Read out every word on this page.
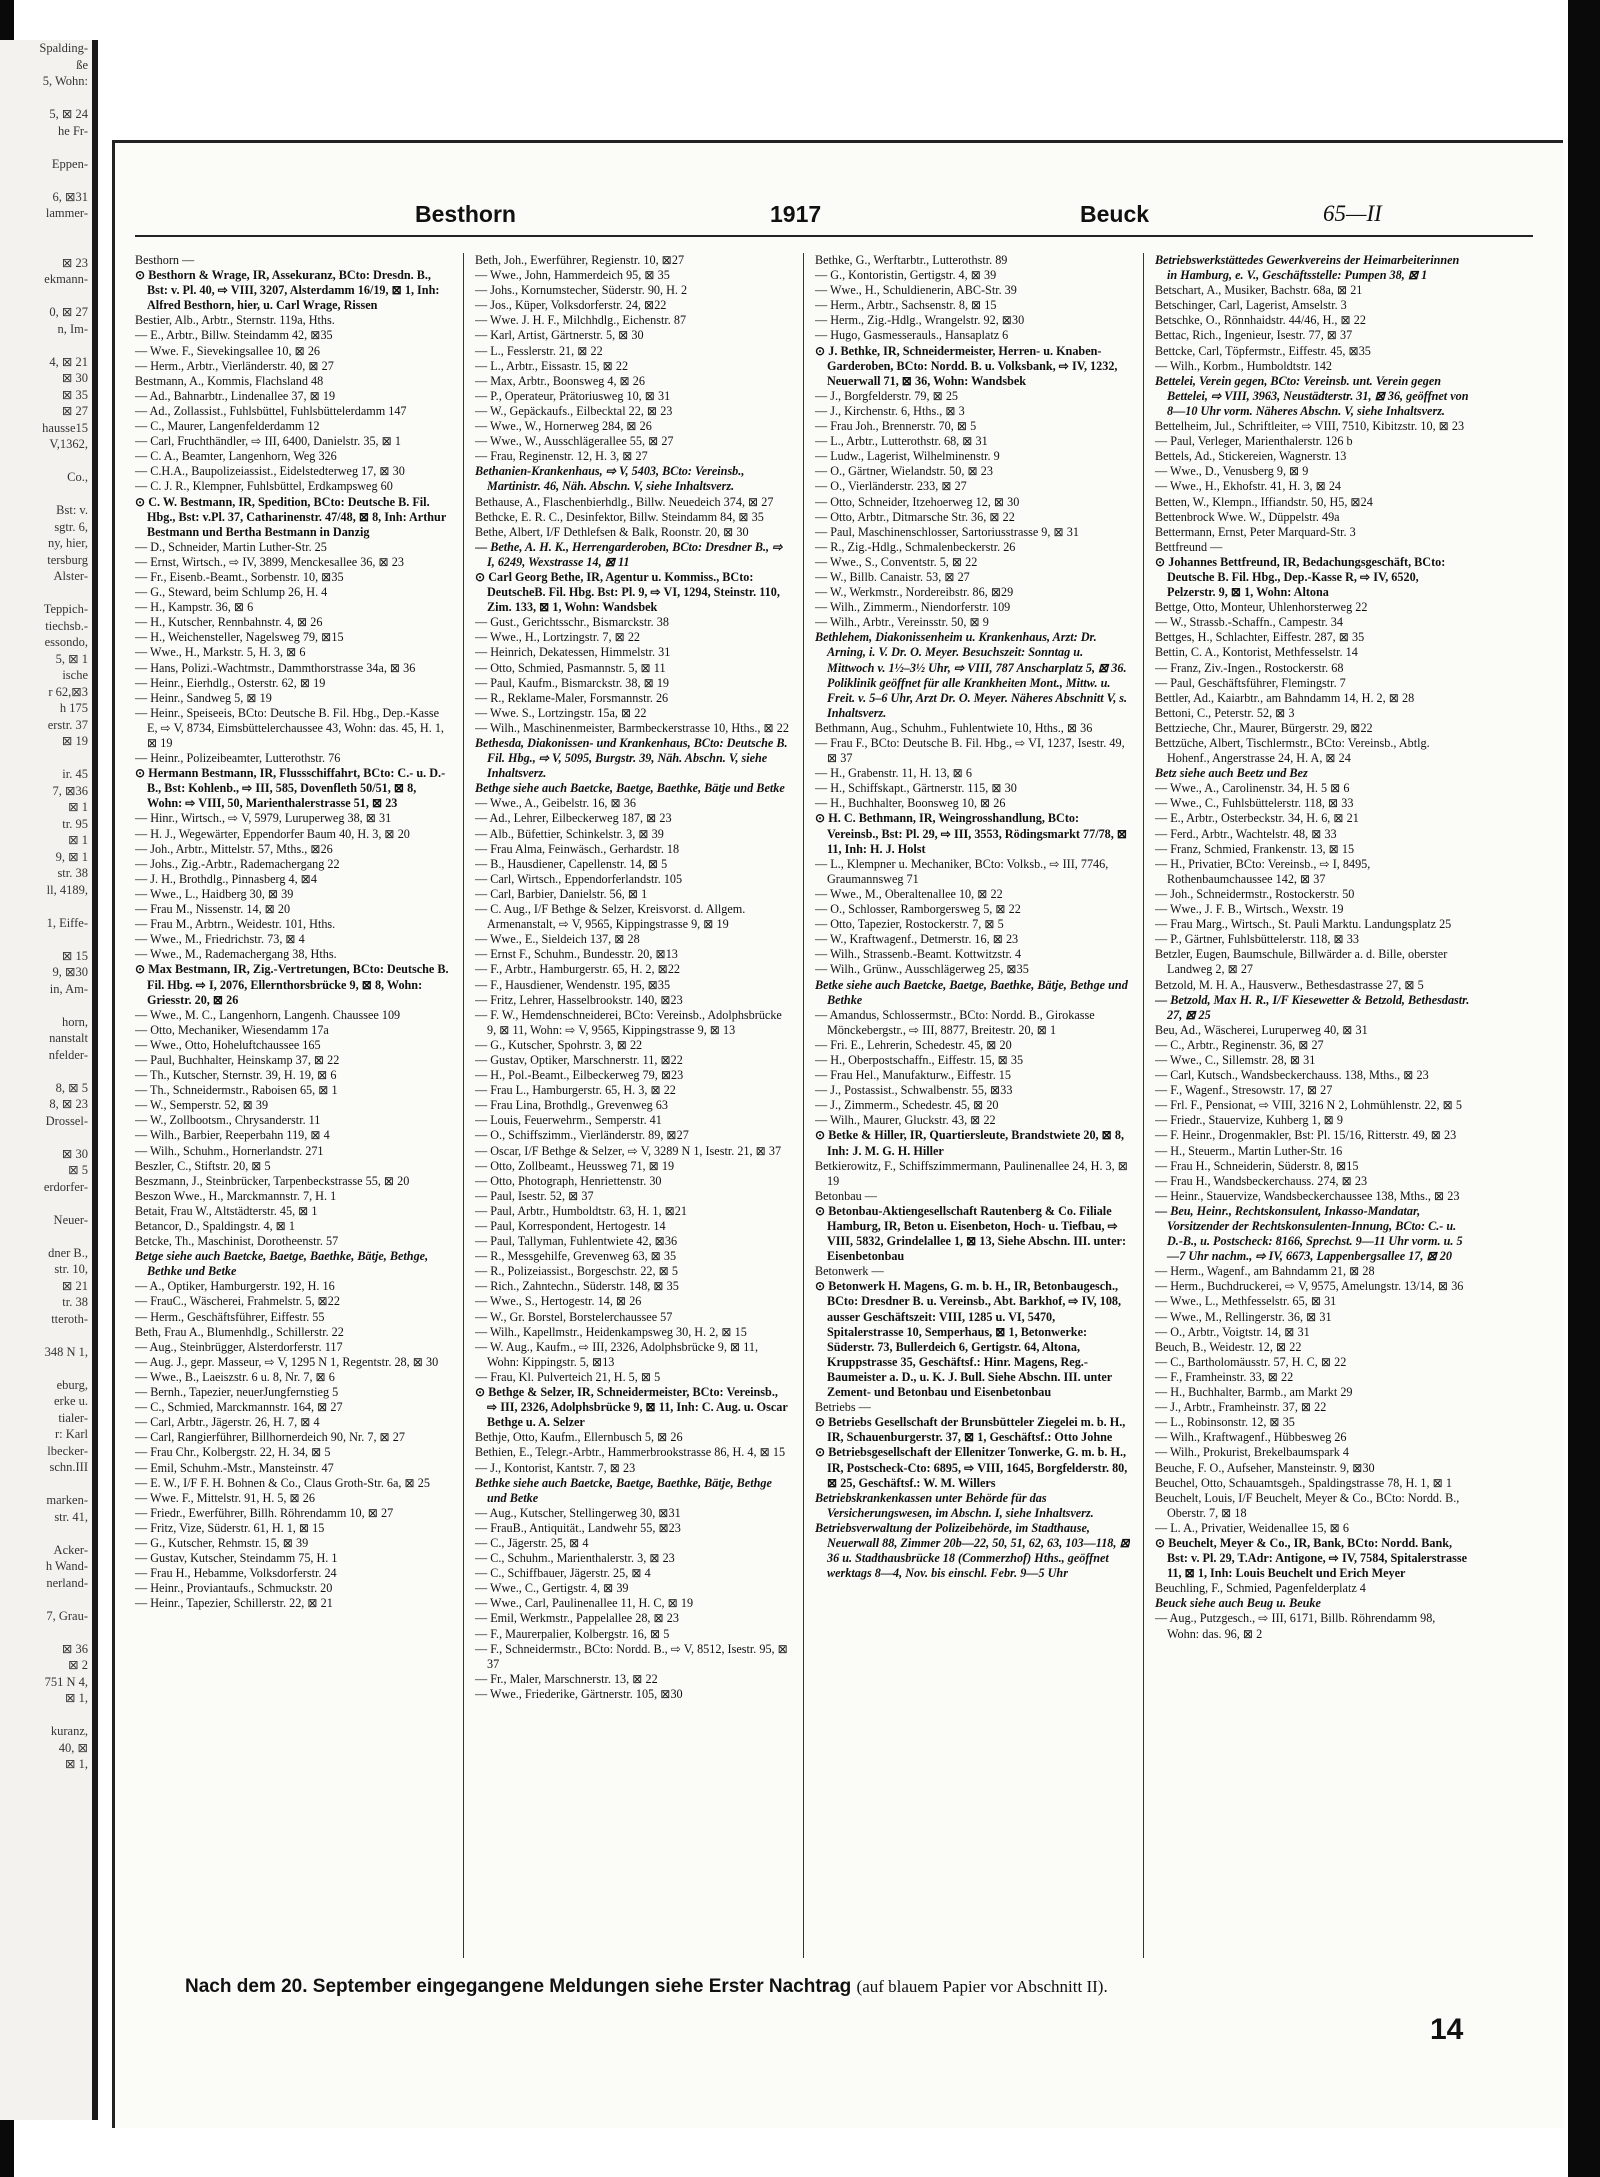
Spalding-
ße
5, Wohn:

5, ⊠ 24
he Fr-

Eppen-

6, ⊠31
lammer-

⊠ 23
ekmann-

0, ⊠ 27
n, Im-

4, ⊠ 21
⊠ 30
⊠ 35
⊠ 27
hausse15
V,1362,

Co.,

Bst: v.
sgtr. 6,
ny, hier,
tersburg
Alster-

Teppich-
tiechsb.-
essondo,
5, ⊠ 1
ische
r 62,⊠3
h 175
erstr. 37
⊠ 19

ir. 45
7, ⊠36
⊠ 1
tr. 95
⊠ 1
9, ⊠ 1
str. 38
ll, 4189,

1, Eiffe-

⊠ 15
9, ⊠30
in, Am-

horn,
nanstalt
nfelder-

8, ⊠ 5
8, ⊠ 23
Drossel-

⊠ 30
⊠ 5
erdorfer-

Neuer-

dner B.,
str. 10,
⊠ 21
tr. 38
tteroth-

348 N 1,

eburg,
erke u.
tialer-
r: Karl
lbecker-
schn.III

marken-
str. 41,

Acker-
h Wand-
nerland-

7, Grau-

⊠ 36
⊠ 2
751 N 4,
⊠ 1,

kuranz,
40, ⊠
⊠ 1,
Besthorn	1917	Beuck	65—II

Besthorn —

⊙ Besthorn & Wrage, IR, Assekuranz, BCto: Dresdn. B., Bst: v. Pl. 40, ⇨ VIII, 3207, Alsterdamm 16/19, ⊠ 1, Inh: Alfred Besthorn, hier, u. Carl Wrage, Rissen

Bestier, Alb., Arbtr., Sternstr. 119a, Hths.

— E., Arbtr., Billw. Steindamm 42, ⊠35

— Wwe. F., Sievekingsallee 10, ⊠ 26

— Herm., Arbtr., Vierländerstr. 40, ⊠ 27

Bestmann, A., Kommis, Flachsland 48

— Ad., Bahnarbtr., Lindenallee 37, ⊠ 19

— Ad., Zollassist., Fuhlsbüttel, Fuhlsbüttelerdamm 147

— C., Maurer, Langenfelderdamm 12

— Carl, Fruchthändler, ⇨ III, 6400, Danielstr. 35, ⊠ 1

— C. A., Beamter, Langenhorn, Weg 326

— C.H.A., Baupolizeiassist., Eidelstedterweg 17, ⊠ 30

— C. J. R., Klempner, Fuhlsbüttel, Erdkampsweg 60

⊙ C. W. Bestmann, IR, Spedition, BCto: Deutsche B. Fil. Hbg., Bst: v.Pl. 37, Catharinenstr. 47/48, ⊠ 8, Inh: Arthur Bestmann und Bertha Bestmann in Danzig

— D., Schneider, Martin Luther-Str. 25

— Ernst, Wirtsch., ⇨ IV, 3899, Menckesallee 36, ⊠ 23

— Fr., Eisenb.-Beamt., Sorbenstr. 10, ⊠35

— G., Steward, beim Schlump 26, H. 4

— H., Kampstr. 36, ⊠ 6

— H., Kutscher, Rennbahnstr. 4, ⊠ 26

— H., Weichensteller, Nagelsweg 79, ⊠15

— Wwe., H., Markstr. 5, H. 3, ⊠ 6

— Hans, Polizi.-Wachtmstr., Dammthorstrasse 34a, ⊠ 36

— Heinr., Eierhdlg., Osterstr. 62, ⊠ 19

— Heinr., Sandweg 5, ⊠ 19

— Heinr., Speiseeis, BCto: Deutsche B. Fil. Hbg., Dep.-Kasse E, ⇨ V, 8734, Eimsbüttelerchaussee 43, Wohn: das. 45, H. 1, ⊠ 19

— Heinr., Polizeibeamter, Lutterothstr. 76

⊙ Hermann Bestmann, IR, Flussschiffahrt, BCto: C.- u. D.-B., Bst: Kohlenb., ⇨ III, 585, Dovenfleth 50/51, ⊠ 8, Wohn: ⇨ VIII, 50, Marienthalerstrasse 51, ⊠ 23

— Hinr., Wirtsch., ⇨ V, 5979, Luruperweg 38, ⊠ 31

— H. J., Wegewärter, Eppendorfer Baum 40, H. 3, ⊠ 20

— Joh., Arbtr., Mittelstr. 57, Mths., ⊠26

— Johs., Zig.-Arbtr., Rademachergang 22

— J. H., Brothdlg., Pinnasberg 4, ⊠4

— Wwe., L., Haidberg 30, ⊠ 39

— Frau M., Nissenstr. 14, ⊠ 20

— Frau M., Arbtrn., Weidestr. 101, Hths.

— Wwe., M., Friedrichstr. 73, ⊠ 4

— Wwe., M., Rademachergang 38, Hths.

⊙ Max Bestmann, IR, Zig.-Vertretungen, BCto: Deutsche B. Fil. Hbg. ⇨ I, 2076, Ellernthorsbrücke 9, ⊠ 8, Wohn: Griesstr. 20, ⊠ 26

— Wwe., M. C., Langenhorn, Langenh. Chaussee 109

— Otto, Mechaniker, Wiesendamm 17a

— Wwe., Otto, Hoheluftchaussee 165

— Paul, Buchhalter, Heinskamp 37, ⊠ 22

— Th., Kutscher, Sternstr. 39, H. 19, ⊠ 6

— Th., Schneidermstr., Raboisen 65, ⊠ 1

— W., Semperstr. 52, ⊠ 39

— W., Zollbootsm., Chrysanderstr. 11

— Wilh., Barbier, Reeperbahn 119, ⊠ 4

— Wilh., Schuhm., Hornerlandstr. 271

Beszler, C., Stiftstr. 20, ⊠ 5

Beszmann, J., Steinbrücker, Tarpenbeckstrasse 55, ⊠ 20

Beszon Wwe., H., Marckmannstr. 7, H. 1

Betait, Frau W., Altstädterstr. 45, ⊠ 1

Betancor, D., Spaldingstr. 4, ⊠ 1

Betcke, Th., Maschinist, Dorotheenstr. 57

Betge siehe auch Baetcke, Baetge, Baethke, Bätje, Bethge, Bethke und Betke

— A., Optiker, Hamburgerstr. 192, H. 16

— FrauC., Wäscherei, Frahmelstr. 5, ⊠22

— Herm., Geschäftsführer, Eiffestr. 55

Beth, Frau A., Blumenhdlg., Schillerstr. 22

— Aug., Steinbrügger, Alsterdorferstr. 117

— Aug. J., gepr. Masseur, ⇨ V, 1295 N 1, Regentstr. 28, ⊠ 30

— Wwe., B., Laeiszstr. 6 u. 8, Nr. 7, ⊠ 6

— Bernh., Tapezier, neuerJungfernstieg 5

— C., Schmied, Marckmannstr. 164, ⊠ 27

— Carl, Arbtr., Jägerstr. 26, H. 7, ⊠ 4

— Carl, Rangierführer, Billhornerdeich 90, Nr. 7, ⊠ 27

— Frau Chr., Kolbergstr. 22, H. 34, ⊠ 5

— Emil, Schuhm.-Mstr., Mansteinstr. 47

— E. W., I/F F. H. Bohnen & Co., Claus Groth-Str. 6a, ⊠ 25

— Wwe. F., Mittelstr. 91, H. 5, ⊠ 26

— Friedr., Ewerführer, Billh. Röhrendamm 10, ⊠ 27

— Fritz, Vize, Süderstr. 61, H. 1, ⊠ 15

— G., Kutscher, Rehmstr. 15, ⊠ 39

— Gustav, Kutscher, Steindamm 75, H. 1

— Frau H., Hebamme, Volksdorferstr. 24

— Heinr., Proviantaufs., Schmuckstr. 20

— Heinr., Tapezier, Schillerstr. 22, ⊠ 21

Beth, Joh., Ewerführer, Regienstr. 10, ⊠27

— Wwe., John, Hammerdeich 95, ⊠ 35

— Johs., Kornumstecher, Süderstr. 90, H. 2

— Jos., Küper, Volksdorferstr. 24, ⊠22

— Wwe. J. H. F., Milchhdlg., Eichenstr. 87

— Karl, Artist, Gärtnerstr. 5, ⊠ 30

— L., Fesslerstr. 21, ⊠ 22

— L., Arbtr., Eissastr. 15, ⊠ 22

— Max, Arbtr., Boonsweg 4, ⊠ 26

— P., Operateur, Prätoriusweg 10, ⊠ 31

— W., Gepäckaufs., Eilbecktal 22, ⊠ 23

— Wwe., W., Hornerweg 284, ⊠ 26

— Wwe., W., Ausschlägerallee 55, ⊠ 27

— Frau, Reginenstr. 12, H. 3, ⊠ 27

Bethanien-Krankenhaus, ⇨ V, 5403, BCto: Vereinsb., Martinistr. 46, Näh. Abschn. V, siehe Inhaltsverz.

Bethause, A., Flaschenbierhdlg., Billw. Neuedeich 374, ⊠ 27

Bethcke, E. R. C., Desinfektor, Billw. Steindamm 84, ⊠ 35

Bethe, Albert, I/F Dethlefsen & Balk, Roonstr. 20, ⊠ 30

— Bethe, A. H. K., Herrengarderoben, BCto: Dresdner B., ⇨ I, 6249, Wexstrasse 14, ⊠ 11

⊙ Carl Georg Bethe, IR, Agentur u. Kommiss., BCto: DeutscheB. Fil. Hbg. Bst: Pl. 9, ⇨ VI, 1294, Steinstr. 110, Zim. 133, ⊠ 1, Wohn: Wandsbek

— Gust., Gerichtsschr., Bismarckstr. 38

— Wwe., H., Lortzingstr. 7, ⊠ 22

— Heinrich, Dekatessen, Himmelstr. 31

— Otto, Schmied, Pasmannstr. 5, ⊠ 11

— Paul, Kaufm., Bismarckstr. 38, ⊠ 19

— R., Reklame-Maler, Forsmannstr. 26

— Wwe. S., Lortzingstr. 15a, ⊠ 22

— Wilh., Maschinenmeister, Barmbeckerstrasse 10, Hths., ⊠ 22

Bethesda, Diakonissen- und Krankenhaus, BCto: Deutsche B. Fil. Hbg., ⇨ V, 5095, Burgstr. 39, Näh. Abschn. V, siehe Inhaltsverz.

Bethge siehe auch Baetcke, Baetge, Baethke, Bätje und Betke

— Wwe., A., Geibelstr. 16, ⊠ 36

— Ad., Lehrer, Eilbeckerweg 187, ⊠ 23

— Alb., Büfettier, Schinkelstr. 3, ⊠ 39

— Frau Alma, Feinwäsch., Gerhardstr. 18

— B., Hausdiener, Capellenstr. 14, ⊠ 5

— Carl, Wirtsch., Eppendorferlandstr. 105

— Carl, Barbier, Danielstr. 56, ⊠ 1

— C. Aug., I/F Bethge & Selzer, Kreisvorst. d. Allgem. Armenanstalt, ⇨ V, 9565, Kippingstrasse 9, ⊠ 19

— Wwe., E., Sieldeich 137, ⊠ 28

— Ernst F., Schuhm., Bundesstr. 20, ⊠13

— F., Arbtr., Hamburgerstr. 65, H. 2, ⊠22

— F., Hausdiener, Wendenstr. 195, ⊠35

— Fritz, Lehrer, Hasselbrookstr. 140, ⊠23

— F. W., Hemdenschneiderei, BCto: Vereinsb., Adolphsbrücke 9, ⊠ 11, Wohn: ⇨ V, 9565, Kippingstrasse 9, ⊠ 13

— G., Kutscher, Spohrstr. 3, ⊠ 22

— Gustav, Optiker, Marschnerstr. 11, ⊠22

— H., Pol.-Beamt., Eilbeckerweg 79, ⊠23

— Frau L., Hamburgerstr. 65, H. 3, ⊠ 22

— Frau Lina, Brothdlg., Grevenweg 63

— Louis, Feuerwehrm., Semperstr. 41

— O., Schiffszimm., Vierländerstr. 89, ⊠27

— Oscar, I/F Bethge & Selzer, ⇨ V, 3289 N 1, Isestr. 21, ⊠ 37

— Otto, Zollbeamt., Heussweg 71, ⊠ 19

— Otto, Photograph, Henriettenstr. 30

— Paul, Isestr. 52, ⊠ 37

— Paul, Arbtr., Humboldtstr. 63, H. 1, ⊠21

— Paul, Korrespondent, Hertogestr. 14

— Paul, Tallyman, Fuhlentwiete 42, ⊠36

— R., Messgehilfe, Grevenweg 63, ⊠ 35

— R., Polizeiassist., Borgeschstr. 22, ⊠ 5

— Rich., Zahntechn., Süderstr. 148, ⊠ 35

— Wwe., S., Hertogestr. 14, ⊠ 26

— W., Gr. Borstel, Borstelerchaussee 57

— Wilh., Kapellmstr., Heidenkampsweg 30, H. 2, ⊠ 15

— W. Aug., Kaufm., ⇨ III, 2326, Adolphsbrücke 9, ⊠ 11, Wohn: Kippingstr. 5, ⊠13

— Frau, Kl. Pulverteich 21, H. 5, ⊠ 5

⊙ Bethge & Selzer, IR, Schneidermeister, BCto: Vereinsb., ⇨ III, 2326, Adolphsbrücke 9, ⊠ 11, Inh: C. Aug. u. Oscar Bethge u. A. Selzer

Bethje, Otto, Kaufm., Ellernbusch 5, ⊠ 26

Bethien, E., Telegr.-Arbtr., Hammerbrookstrasse 86, H. 4, ⊠ 15

— J., Kontorist, Kantstr. 7, ⊠ 23

Bethke siehe auch Baetcke, Baetge, Baethke, Bätje, Bethge und Betke

— Aug., Kutscher, Stellingerweg 30, ⊠31

— FrauB., Antiquität., Landwehr 55, ⊠23

— C., Jägerstr. 25, ⊠ 4

— C., Schuhm., Marienthalerstr. 3, ⊠ 23

— C., Schiffbauer, Jägerstr. 25, ⊠ 4

— Wwe., C., Gertigstr. 4, ⊠ 39

— Wwe., Carl, Paulinenallee 11, H. C, ⊠ 19

— Emil, Werkmstr., Pappelallee 28, ⊠ 23

— F., Maurerpalier, Kolbergstr. 16, ⊠ 5

— F., Schneidermstr., BCto: Nordd. B., ⇨ V, 8512, Isestr. 95, ⊠ 37

— Fr., Maler, Marschnerstr. 13, ⊠ 22

— Wwe., Friederike, Gärtnerstr. 105, ⊠30

Bethke, G., Werftarbtr., Lutterothstr. 89

— G., Kontoristin, Gertigstr. 4, ⊠ 39

— Wwe., H., Schuldienerin, ABC-Str. 39

— Herm., Arbtr., Sachsenstr. 8, ⊠ 15

— Herm., Zig.-Hdlg., Wrangelstr. 92, ⊠30

— Hugo, Gasmesserauls., Hansaplatz 6

⊙ J. Bethke, IR, Schneidermeister, Herren- u. Knaben-Garderoben, BCto: Nordd. B. u. Volksbank, ⇨ IV, 1232, Neuerwall 71, ⊠ 36, Wohn: Wandsbek

— J., Borgfelderstr. 79, ⊠ 25

— J., Kirchenstr. 6, Hths., ⊠ 3

— Frau Joh., Brennerstr. 70, ⊠ 5

— L., Arbtr., Lutterothstr. 68, ⊠ 31

— Ludw., Lagerist, Wilhelminenstr. 9

— O., Gärtner, Wielandstr. 50, ⊠ 23

— O., Vierländerstr. 233, ⊠ 27

— Otto, Schneider, Itzehoerweg 12, ⊠ 30

— Otto, Arbtr., Ditmarsche Str. 36, ⊠ 22

— Paul, Maschinenschlosser, Sartoriusstrasse 9, ⊠ 31

— R., Zig.-Hdlg., Schmalenbeckerstr. 26

— Wwe., S., Conventstr. 5, ⊠ 22

— W., Billb. Canaistr. 53, ⊠ 27

— W., Werkmstr., Nordereibstr. 86, ⊠29

— Wilh., Zimmerm., Niendorferstr. 109

— Wilh., Arbtr., Vereinsstr. 50, ⊠ 9

Bethlehem, Diakonissenheim u. Krankenhaus, Arzt: Dr. Arning, i. V. Dr. O. Meyer. Besuchszeit: Sonntag u. Mittwoch v. 1½–3½ Uhr, ⇨ VIII, 787 Anscharplatz 5, ⊠ 36. Poliklinik geöffnet für alle Krankheiten Mont., Mittw. u. Freit. v. 5–6 Uhr, Arzt Dr. O. Meyer. Näheres Abschnitt V, s. Inhaltsverz.

Bethmann, Aug., Schuhm., Fuhlentwiete 10, Hths., ⊠ 36

— Frau F., BCto: Deutsche B. Fil. Hbg., ⇨ VI, 1237, Isestr. 49, ⊠ 37

— H., Grabenstr. 11, H. 13, ⊠ 6

— H., Schiffskapt., Gärtnerstr. 115, ⊠ 30

— H., Buchhalter, Boonsweg 10, ⊠ 26

⊙ H. C. Bethmann, IR, Weingrosshandlung, BCto: Vereinsb., Bst: Pl. 29, ⇨ III, 3553, Rödingsmarkt 77/78, ⊠ 11, Inh: H. J. Holst

— L., Klempner u. Mechaniker, BCto: Volksb., ⇨ III, 7746, Graumannsweg 71

— Wwe., M., Oberaltenallee 10, ⊠ 22

— O., Schlosser, Ramborgersweg 5, ⊠ 22

— Otto, Tapezier, Rostockerstr. 7, ⊠ 5

— W., Kraftwagenf., Detmerstr. 16, ⊠ 23

— Wilh., Strassenb.-Beamt. Kottwitzstr. 4

— Wilh., Grünw., Ausschlägerweg 25, ⊠35

Betke siehe auch Baetcke, Baetge, Baethke, Bätje, Bethge und Bethke

— Amandus, Schlossermstr., BCto: Nordd. B., Girokasse Mönckebergstr., ⇨ III, 8877, Breitestr. 20, ⊠ 1

— Fri. E., Lehrerin, Schedestr. 45, ⊠ 20

— H., Oberpostschaffn., Eiffestr. 15, ⊠ 35

— Frau Hel., Manufakturw., Eiffestr. 15

— J., Postassist., Schwalbenstr. 55, ⊠33

— J., Zimmerm., Schedestr. 45, ⊠ 20

— Wilh., Maurer, Gluckstr. 43, ⊠ 22

⊙ Betke & Hiller, IR, Quartiersleute, Brandstwiete 20, ⊠ 8, Inh: J. M. G. H. Hiller

Betkierowitz, F., Schiffszimmermann, Paulinenallee 24, H. 3, ⊠ 19

Betonbau —

⊙ Betonbau-Aktiengesellschaft Rautenberg & Co. Filiale Hamburg, IR, Beton u. Eisenbeton, Hoch- u. Tiefbau, ⇨ VIII, 5832, Grindelallee 1, ⊠ 13, Siehe Abschn. III. unter: Eisenbetonbau

Betonwerk —

⊙ Betonwerk H. Magens, G. m. b. H., IR, Betonbaugesch., BCto: Dresdner B. u. Vereinsb., Abt. Barkhof, ⇨ IV, 108, ausser Geschäftszeit: VIII, 1285 u. VI, 5470, Spitalerstrasse 10, Semperhaus, ⊠ 1, Betonwerke: Süderstr. 73, Bullerdeich 6, Gertigstr. 64, Altona, Kruppstrasse 35, Geschäftsf.: Hinr. Magens, Reg.-Baumeister a. D., u. K. J. Bull. Siehe Abschn. III. unter Zement- und Betonbau und Eisenbetonbau

Betriebs —

⊙ Betriebs Gesellschaft der Brunsbütteler Ziegelei m. b. H., IR, Schauenburgerstr. 37, ⊠ 1, Geschäftsf.: Otto Johne

⊙ Betriebsgesellschaft der Ellenitzer Tonwerke, G. m. b. H., IR, Postscheck-Cto: 6895, ⇨ VIII, 1645, Borgfelderstr. 80, ⊠ 25, Geschäftsf.: W. M. Willers

Betriebskrankenkassen unter Behörde für das Versicherungswesen, im Abschn. I, siehe Inhaltsverz.

Betriebsverwaltung der Polizeibehörde, im Stadthause, Neuerwall 88, Zimmer 20b—22, 50, 51, 62, 63, 103—118, ⊠ 36 u. Stadthausbrücke 18 (Commerzhof) Hths., geöffnet werktags 8—4, Nov. bis einschl. Febr. 9—5 Uhr

Betriebswerkstättedes Gewerkvereins der Heimarbeiterinnen in Hamburg, e. V., Geschäftsstelle: Pumpen 38, ⊠ 1

Betschart, A., Musiker, Bachstr. 68a, ⊠ 21

Betschinger, Carl, Lagerist, Amselstr. 3

Betschke, O., Rönnhaidstr. 44/46, H., ⊠ 22

Bettac, Rich., Ingenieur, Isestr. 77, ⊠ 37

Bettcke, Carl, Töpfermstr., Eiffestr. 45, ⊠35

— Wilh., Korbm., Humboldtstr. 142

Bettelei, Verein gegen, BCto: Vereinsb. unt. Verein gegen Bettelei, ⇨ VIII, 3963, Neustädterstr. 31, ⊠ 36, geöffnet von 8—10 Uhr vorm. Näheres Abschn. V, siehe Inhaltsverz.

Bettelheim, Jul., Schriftleiter, ⇨ VIII, 7510, Kibitzstr. 10, ⊠ 23

— Paul, Verleger, Marienthalerstr. 126 b

Bettels, Ad., Stickereien, Wagnerstr. 13

— Wwe., D., Venusberg 9, ⊠ 9

— Wwe., H., Ekhofstr. 41, H. 3, ⊠ 24

Betten, W., Klempn., Iffiandstr. 50, H5, ⊠24

Bettenbrock Wwe. W., Düppelstr. 49a

Bettermann, Ernst, Peter Marquard-Str. 3

Bettfreund —

⊙ Johannes Bettfreund, IR, Bedachungsgeschäft, BCto: Deutsche B. Fil. Hbg., Dep.-Kasse R, ⇨ IV, 6520, Pelzerstr. 9, ⊠ 1, Wohn: Altona

Bettge, Otto, Monteur, Uhlenhorsterweg 22

— W., Strassb.-Schaffn., Campestr. 34

Bettges, H., Schlachter, Eiffestr. 287, ⊠ 35

Bettin, C. A., Kontorist, Methfesselstr. 14

— Franz, Ziv.-Ingen., Rostockerstr. 68

— Paul, Geschäftsführer, Flemingstr. 7

Bettler, Ad., Kaiarbtr., am Bahndamm 14, H. 2, ⊠ 28

Bettoni, C., Peterstr. 52, ⊠ 3

Bettzieche, Chr., Maurer, Bürgerstr. 29, ⊠22

Bettzüche, Albert, Tischlermstr., BCto: Vereinsb., Abtlg. Hohenf., Angerstrasse 24, H. A, ⊠ 24

Betz siehe auch Beetz und Bez

— Wwe., A., Carolinenstr. 34, H. 5 ⊠ 6

— Wwe., C., Fuhlsbüttelerstr. 118, ⊠ 33

— E., Arbtr., Osterbeckstr. 34, H. 6, ⊠ 21

— Ferd., Arbtr., Wachtelstr. 48, ⊠ 33

— Franz, Schmied, Frankenstr. 13, ⊠ 15

— H., Privatier, BCto: Vereinsb., ⇨ I, 8495, Rothenbaumchaussee 142, ⊠ 37

— Joh., Schneidermstr., Rostockerstr. 50

— Wwe., J. F. B., Wirtsch., Wexstr. 19

— Frau Marg., Wirtsch., St. Pauli Marktu. Landungsplatz 25

— P., Gärtner, Fuhlsbüttelerstr. 118, ⊠ 33

Betzler, Eugen, Baumschule, Billwärder a. d. Bille, oberster Landweg 2, ⊠ 27

Betzold, M. H. A., Hausverw., Bethesdastrasse 27, ⊠ 5

— Betzold, Max H. R., I/F Kiesewetter & Betzold, Bethesdastr. 27, ⊠ 25

Beu, Ad., Wäscherei, Luruperweg 40, ⊠ 31

— C., Arbtr., Reginenstr. 36, ⊠ 27

— Wwe., C., Sillemstr. 28, ⊠ 31

— Carl, Kutsch., Wandsbeckerchauss. 138, Mths., ⊠ 23

— F., Wagenf., Stresowstr. 17, ⊠ 27

— Frl. F., Pensionat, ⇨ VIII, 3216 N 2, Lohmühlenstr. 22, ⊠ 5

— Friedr., Stauervize, Kuhberg 1, ⊠ 9

— F. Heinr., Drogenmakler, Bst: Pl. 15/16, Ritterstr. 49, ⊠ 23

— H., Steuerm., Martin Luther-Str. 16

— Frau H., Schneiderin, Süderstr. 8, ⊠15

— Frau H., Wandsbeckerchauss. 274, ⊠ 23

— Heinr., Stauervize, Wandsbeckerchaussee 138, Mths., ⊠ 23

— Beu, Heinr., Rechtskonsulent, Inkasso-Mandatar, Vorsitzender der Rechtskonsulenten-Innung, BCto: C.- u. D.-B., u. Postscheck: 8166, Sprechst. 9—11 Uhr vorm. u. 5—7 Uhr nachm., ⇨ IV, 6673, Lappenbergsallee 17, ⊠ 20

— Herm., Wagenf., am Bahndamm 21, ⊠ 28

— Herm., Buchdruckerei, ⇨ V, 9575, Amelungstr. 13/14, ⊠ 36

— Wwe., L., Methfesselstr. 65, ⊠ 31

— Wwe., M., Rellingerstr. 36, ⊠ 31

— O., Arbtr., Voigtstr. 14, ⊠ 31

Beuch, B., Weidestr. 12, ⊠ 22

— C., Bartholomäusstr. 57, H. C, ⊠ 22

— F., Framheinstr. 33, ⊠ 22

— H., Buchhalter, Barmb., am Markt 29

— J., Arbtr., Framheinstr. 37, ⊠ 22

— L., Robinsonstr. 12, ⊠ 35

— Wilh., Kraftwagenf., Hübbesweg 26

— Wilh., Prokurist, Brekelbaumspark 4

Beuche, F. O., Aufseher, Mansteinstr. 9, ⊠30

Beuchel, Otto, Schauamtsgeh., Spaldingstrasse 78, H. 1, ⊠ 1

Beuchelt, Louis, I/F Beuchelt, Meyer & Co., BCto: Nordd. B., Oberstr. 7, ⊠ 18

— L. A., Privatier, Weidenallee 15, ⊠ 6

⊙ Beuchelt, Meyer & Co., IR, Bank, BCto: Nordd. Bank, Bst: v. Pl. 29, T.Adr: Antigone, ⇨ IV, 7584, Spitalerstrasse 11, ⊠ 1, Inh: Louis Beuchelt und Erich Meyer

Beuchling, F., Schmied, Pagenfelderplatz 4

Beuck siehe auch Beug u. Beuke

— Aug., Putzgesch., ⇨ III, 6171, Billb. Röhrendamm 98, Wohn: das. 96, ⊠ 2

Nach dem 20. September eingegangene Meldungen siehe Erster Nachtrag (auf blauem Papier vor Abschnitt II).
14
